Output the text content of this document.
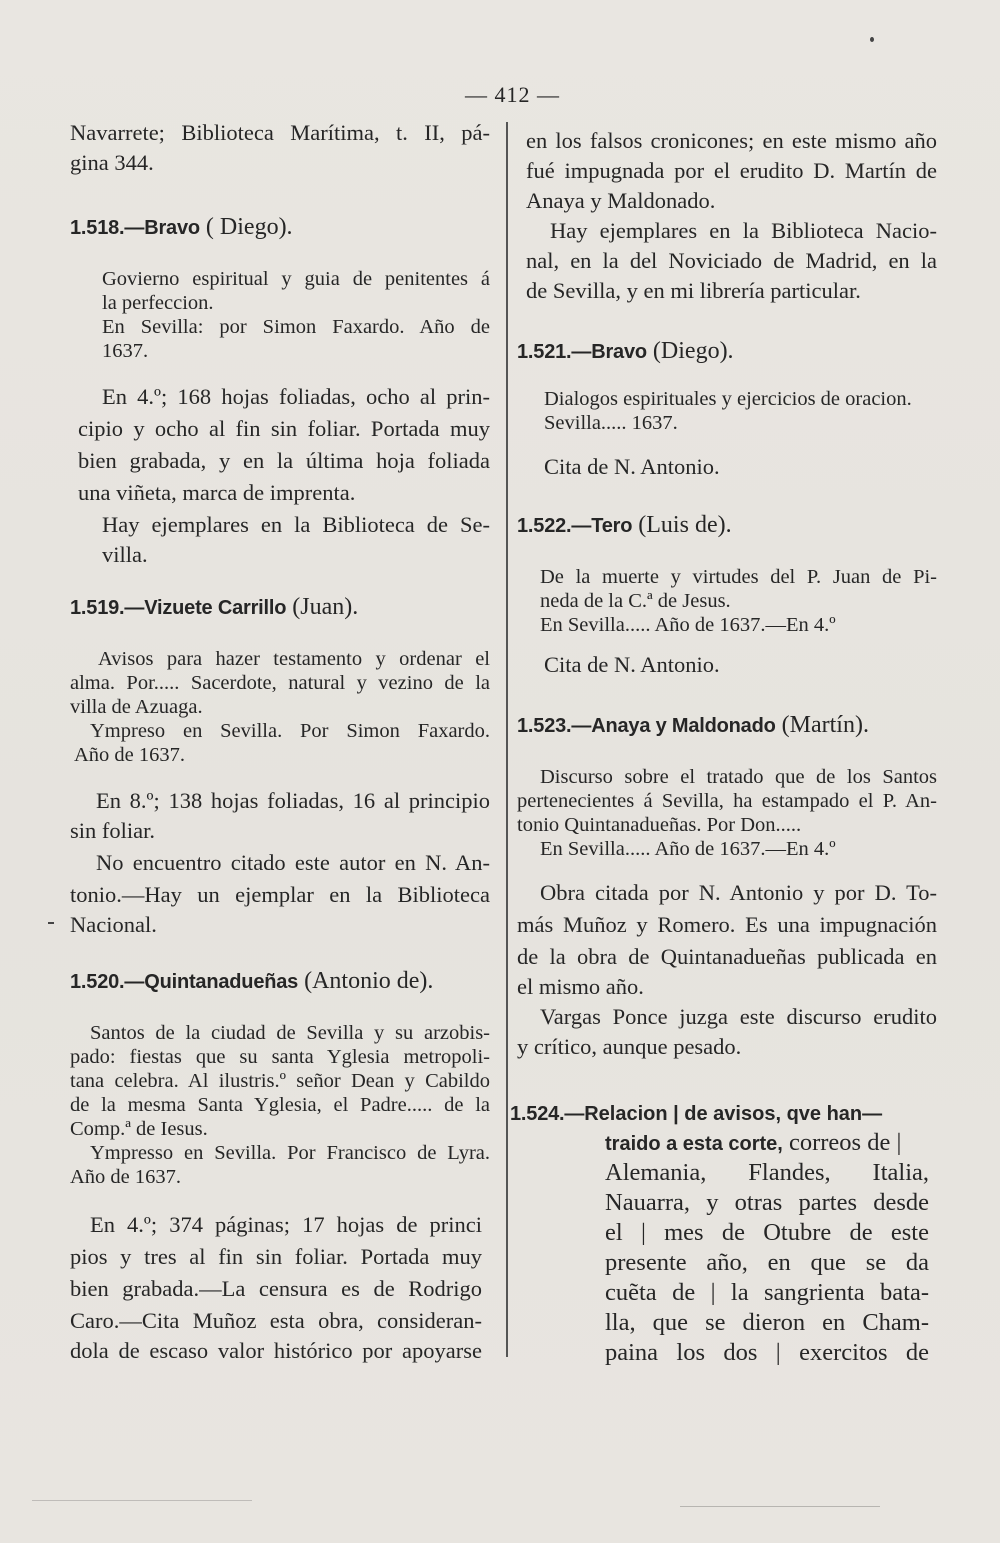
— 412 —
Navarrete; Biblioteca Marítima, t. II, pá-
gina 344.
1.518.—Bravo ( Diego).
Govierno espiritual y guia de penitentes á
la perfeccion.
En Sevilla: por Simon Faxardo. Año de
1637.
En 4.º; 168 hojas foliadas, ocho al prin-
cipio y ocho al fin sin foliar. Portada muy
bien grabada, y en la última hoja foliada
una viñeta, marca de imprenta.
Hay ejemplares en la Biblioteca de Se-
villa.
1.519.—Vizuete Carrillo (Juan).
Avisos para hazer testamento y ordenar el
alma. Por..... Sacerdote, natural y vezino de la
villa de Azuaga.
Ympreso en Sevilla. Por Simon Faxardo.
Año de 1637.
En 8.º; 138 hojas foliadas, 16 al principio
sin foliar.
No encuentro citado este autor en N. An-
tonio.—Hay un ejemplar en la Biblioteca
Nacional.
1.520.—Quintanadueñas (Antonio de).
Santos de la ciudad de Sevilla y su arzobis-
pado: fiestas que su santa Yglesia metropoli-
tana celebra. Al ilustris.º señor Dean y Cabildo
de la mesma Santa Yglesia, el Padre..... de la
Comp.ª de Iesus.
Ympresso en Sevilla. Por Francisco de Lyra.
Año de 1637.
En 4.º; 374 páginas; 17 hojas de princi
pios y tres al fin sin foliar. Portada muy
bien grabada.—La censura es de Rodrigo
Caro.—Cita Muñoz esta obra, consideran-
dola de escaso valor histórico por apoyarse
en los falsos cronicones; en este mismo año
fué impugnada por el erudito D. Martín de
Anaya y Maldonado.
Hay ejemplares en la Biblioteca Nacio-
nal, en la del Noviciado de Madrid, en la
de Sevilla, y en mi librería particular.
1.521.—Bravo (Diego).
Dialogos espirituales y ejercicios de oracion.
Sevilla..... 1637.
Cita de N. Antonio.
1.522.—Tero (Luis de).
De la muerte y virtudes del P. Juan de Pi-
neda de la C.ª de Jesus.
En Sevilla..... Año de 1637.—En 4.º
Cita de N. Antonio.
1.523.—Anaya y Maldonado (Martín).
Discurso sobre el tratado que de los Santos
pertenecientes á Sevilla, ha estampado el P. An-
tonio Quintanadueñas. Por Don.....
En Sevilla..... Año de 1637.—En 4.º
Obra citada por N. Antonio y por D. To-
más Muñoz y Romero. Es una impugnación
de la obra de Quintanadueñas publicada en
el mismo año.
Vargas Ponce juzga este discurso erudito
y crítico, aunque pesado.
1.524.—Relacion | de avisos, qve han—
traido a esta corte, correos de |
Alemania, Flandes, Italia,
Nauarra, y otras partes desde
el | mes de Otubre de este
presente año, en que se da
cuẽta de | la sangrienta bata-
lla, que se dieron en Cham-
paina los dos | exercitos de
